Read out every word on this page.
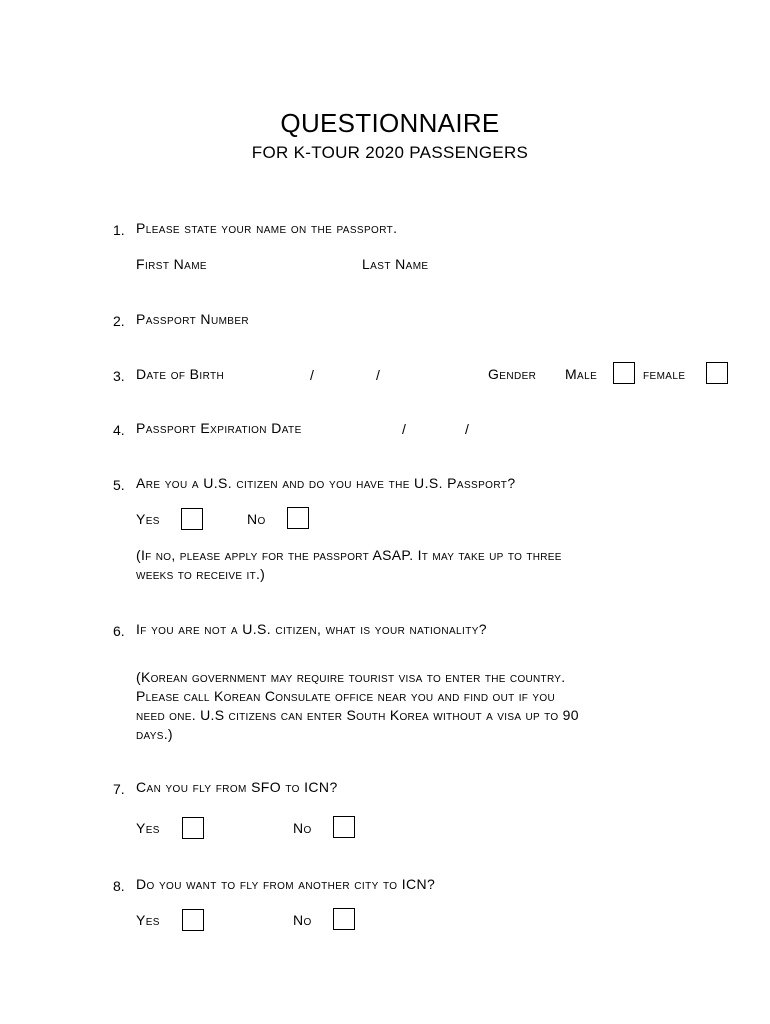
QUESTIONNAIRE
FOR K-TOUR 2020 PASSENGERS
1. Please state your name on the passport.
First Name	Last Name
2. Passport Number
3. Date of Birth	/	/	Gender Male	female
4. Passport Expiration Date	/	/
5. Are you a U.S. citizen and do you have the U.S. Passport?
Yes	No
(If no, please apply for the passport ASAP. It may take up to three
weeks to receive it.)
6. If you are not a U.S. citizen, what is your nationality?
(Korean government may require tourist visa to enter the country.
Please call Korean Consulate office near you and find out if you
need one. U.S citizens can enter South Korea without a visa up to 90
days.)
7. Can you fly from SFO to ICN?
Yes	No
8. Do you want to fly from another city to ICN?
Yes	No
